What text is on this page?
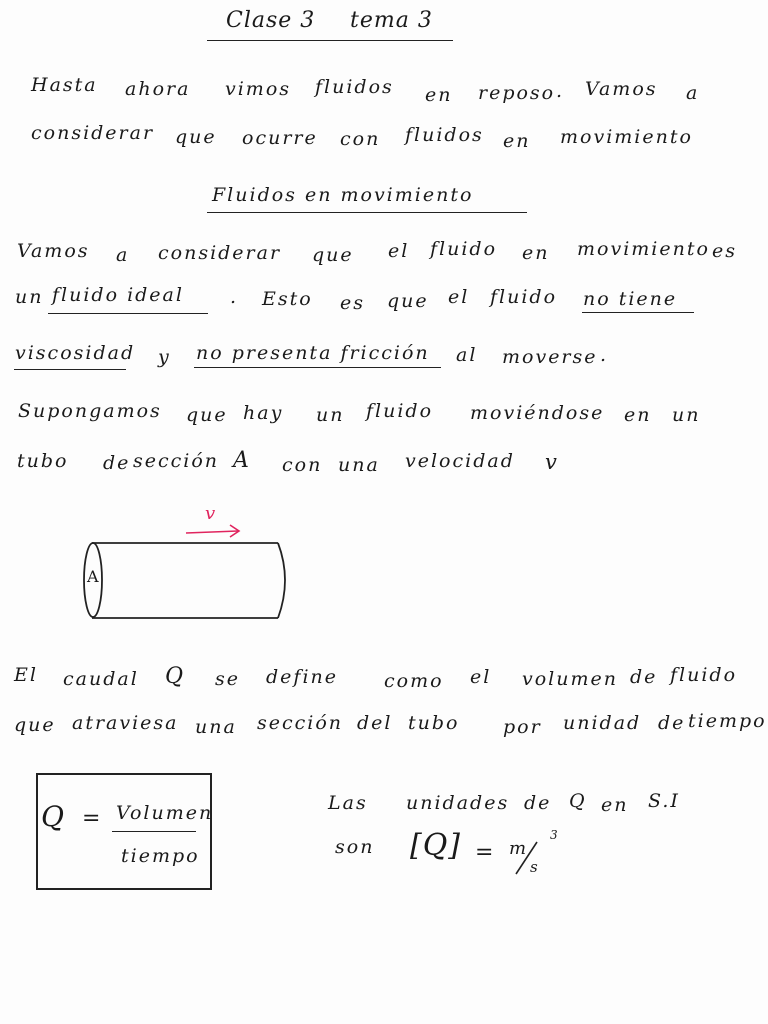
Clase 3 tema 3
Hasta ahora vimos fluidos en reposo . Vamos a
considerar que ocurre con fluidos en movimiento
Fluidos en movimiento
Vamos a considerar que el fluido en movimiento es
un fluido ideal . Esto es que el fluido no tiene
viscosidad y no presenta fricción al moverse .
Supongamos que hay un fluido moviéndose en un
tubo de sección A con una velocidad v
v
A
El caudal Q se define como el volumen de fluido
que atraviesa una sección del tubo por unidad de tiempo
Q = Volumen
tiempo
Las unidades de Q en S.I
son [Q] =
3
m
s
